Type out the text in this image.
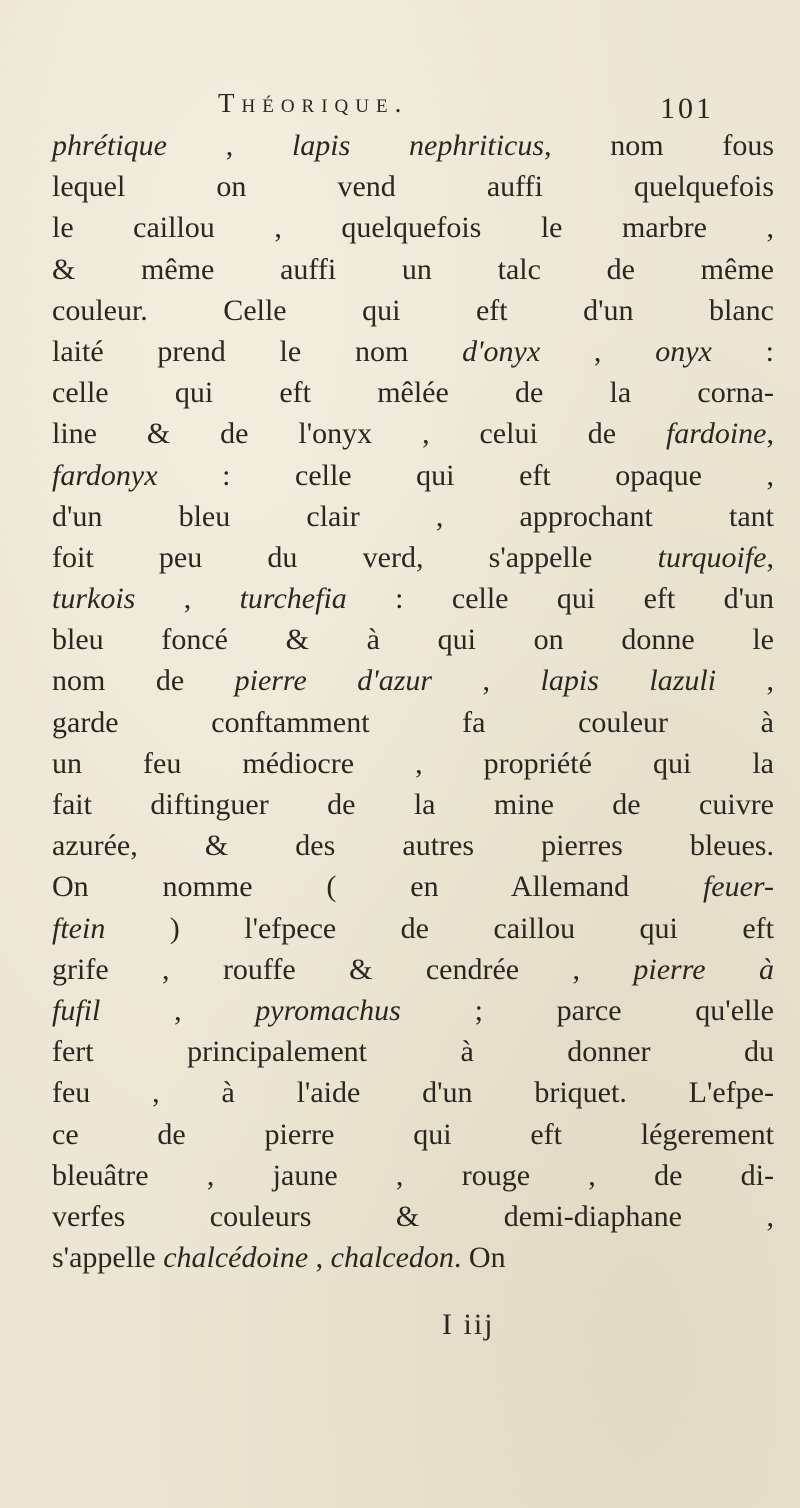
Théorique.	101
phrétique , lapis nephriticus, nom fous
lequel on vend auffi quelquefois
le caillou , quelquefois le marbre ,
& même auffi un talc de même
couleur. Celle qui eft d'un blanc
laité prend le nom d'onyx , onyx :
celle qui eft mêlée de la corna-
line & de l'onyx , celui de fardoine,
fardonyx : celle qui eft opaque ,
d'un bleu clair , approchant tant
foit peu du verd, s'appelle turquoife,
turkois , turchefia : celle qui eft d'un
bleu foncé & à qui on donne le
nom de pierre d'azur , lapis lazuli ,
garde conftamment fa couleur à
un feu médiocre , propriété qui la
fait diftinguer de la mine de cuivre
azurée, & des autres pierres bleues.
On nomme ( en Allemand feuer-
ftein ) l'efpece de caillou qui eft
grife , rouffe & cendrée , pierre à
fufil , pyromachus ; parce qu'elle
fert principalement à donner du
feu , à l'aide d'un briquet. L'efpe-
ce de pierre qui eft légerement
bleuâtre , jaune , rouge , de di-
verfes couleurs & demi-diaphane ,
s'appelle chalcédoine , chalcedon. On
I iij
